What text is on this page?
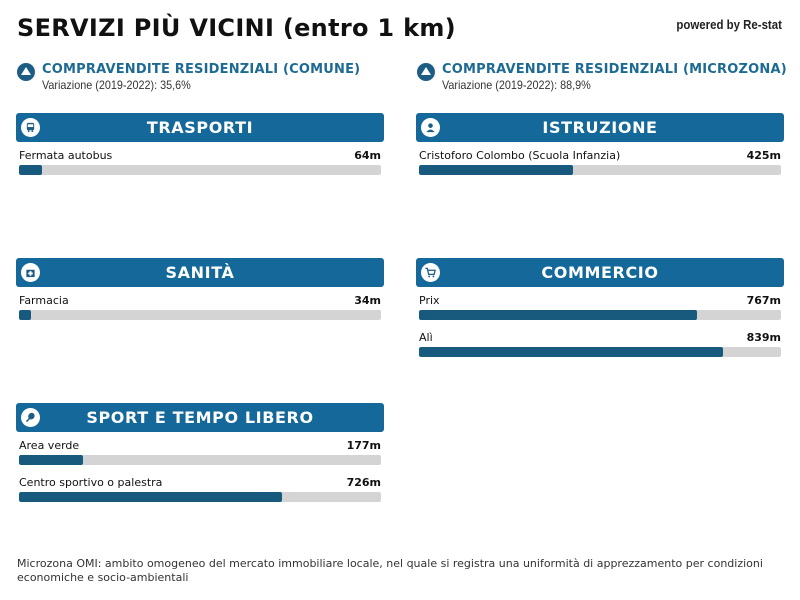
SERVIZI PIÙ VICINI (entro 1 km)	powered by Re-stat
COMPRAVENDITE RESIDENZIALI (COMUNE)
Variazione (2019-2022): 35,6%
COMPRAVENDITE RESIDENZIALI (MICROZONA)
Variazione (2019-2022): 88,9%
TRASPORTI
Fermata autobus	64m
ISTRUZIONE
Cristoforo Colombo (Scuola Infanzia)	425m
SANITÀ
Farmacia	34m
COMMERCIO
Prix	767m
Alì	839m
SPORT E TEMPO LIBERO
Area verde	177m
Centro sportivo o palestra	726m
Microzona OMI: ambito omogeneo del mercato immobiliare locale, nel quale si registra una uniformità di apprezzamento per condizioni economiche e socio-ambientali
